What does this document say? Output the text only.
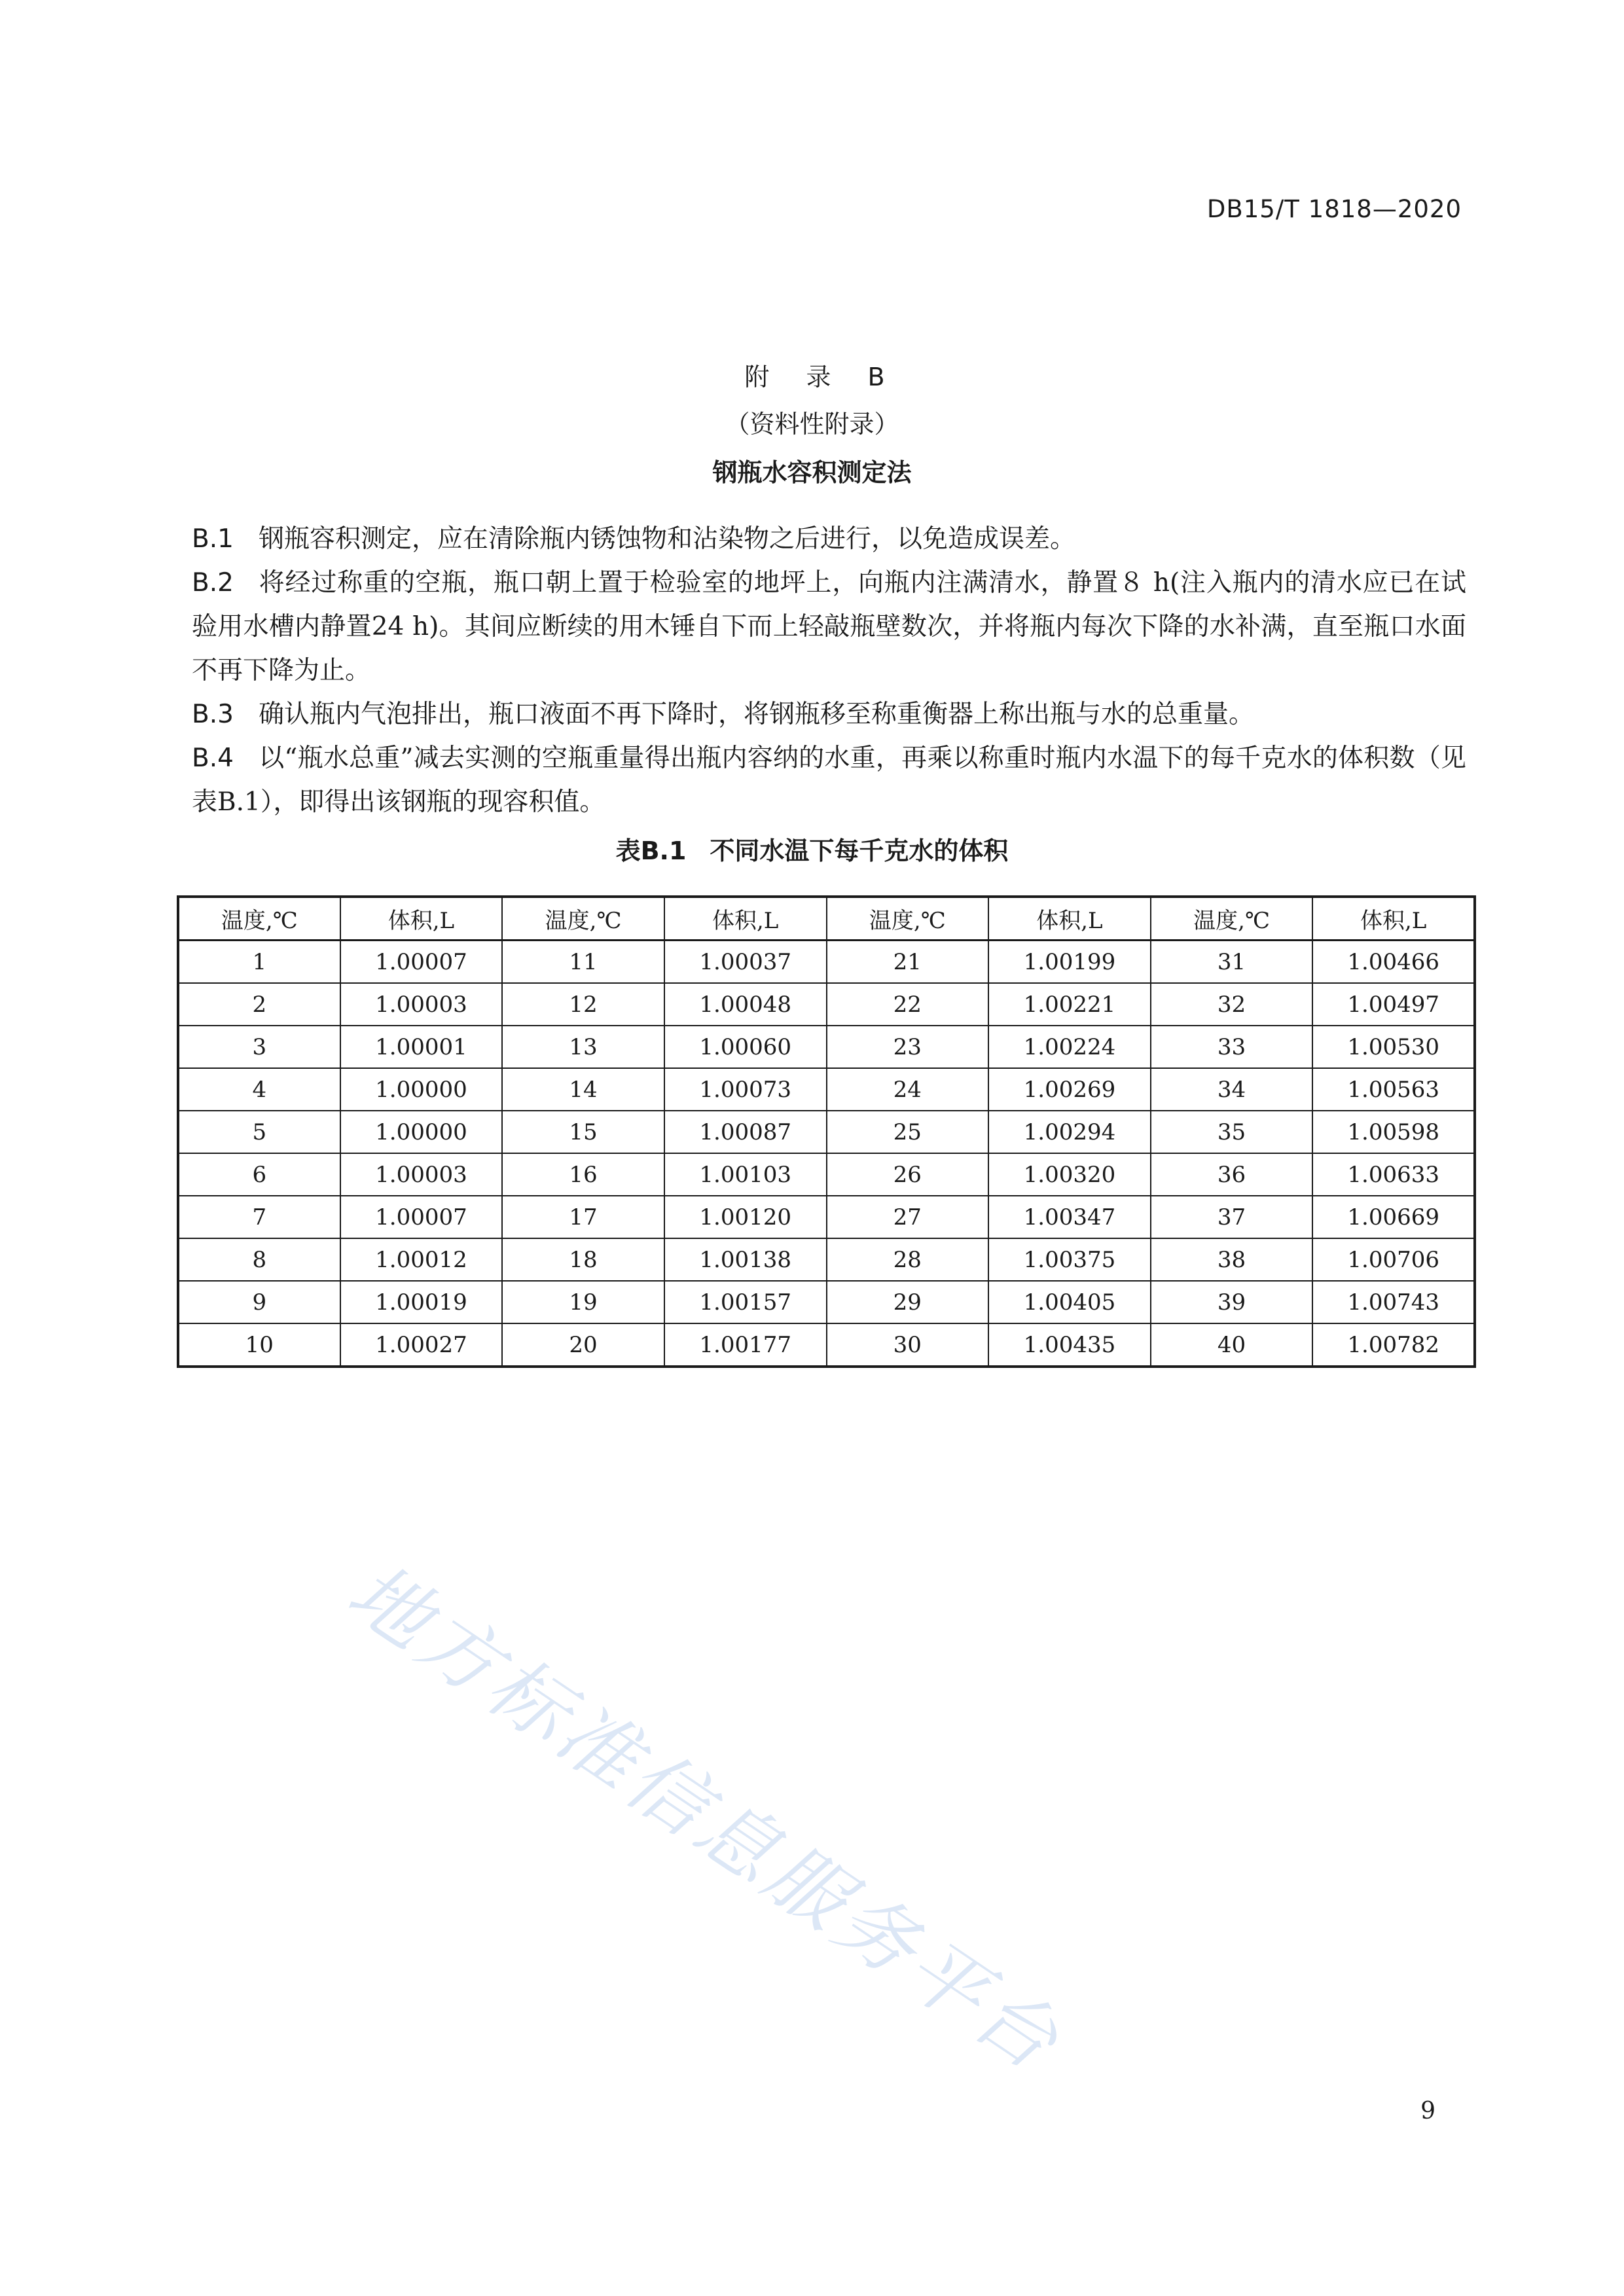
DB15/T 1818—2020
附 录 B
（资料性附录）
钢瓶水容积测定法

B.1 钢瓶容积测定，应在清除瓶内锈蚀物和沾染物之后进行，以免造成误差。

B.2 将经过称重的空瓶，瓶口朝上置于检验室的地坪上，向瓶内注满清水，静置８ h(注入瓶内的清水应已在试验用水槽内静置24 h)。其间应断续的用木锤自下而上轻敲瓶壁数次，并将瓶内每次下降的水补满，直至瓶口水面不再下降为止。

B.3 确认瓶内气泡排出，瓶口液面不再下降时，将钢瓶移至称重衡器上称出瓶与水的总重量。

B.4 以“瓶水总重”减去实测的空瓶重量得出瓶内容纳的水重，再乘以称重时瓶内水温下的每千克水的体积数（见表B.1），即得出该钢瓶的现容积值。

表B.1 不同水温下每千克水的体积
温度,℃	体积,L	温度,℃	体积,L	温度,℃	体积,L	温度,℃	体积,L
1	1.00007	11	1.00037	21	1.00199	31	1.00466
2	1.00003	12	1.00048	22	1.00221	32	1.00497
3	1.00001	13	1.00060	23	1.00224	33	1.00530
4	1.00000	14	1.00073	24	1.00269	34	1.00563
5	1.00000	15	1.00087	25	1.00294	35	1.00598
6	1.00003	16	1.00103	26	1.00320	36	1.00633
7	1.00007	17	1.00120	27	1.00347	37	1.00669
8	1.00012	18	1.00138	28	1.00375	38	1.00706
9	1.00019	19	1.00157	29	1.00405	39	1.00743
10	1.00027	20	1.00177	30	1.00435	40	1.00782
地方标准信息服务平台
9
